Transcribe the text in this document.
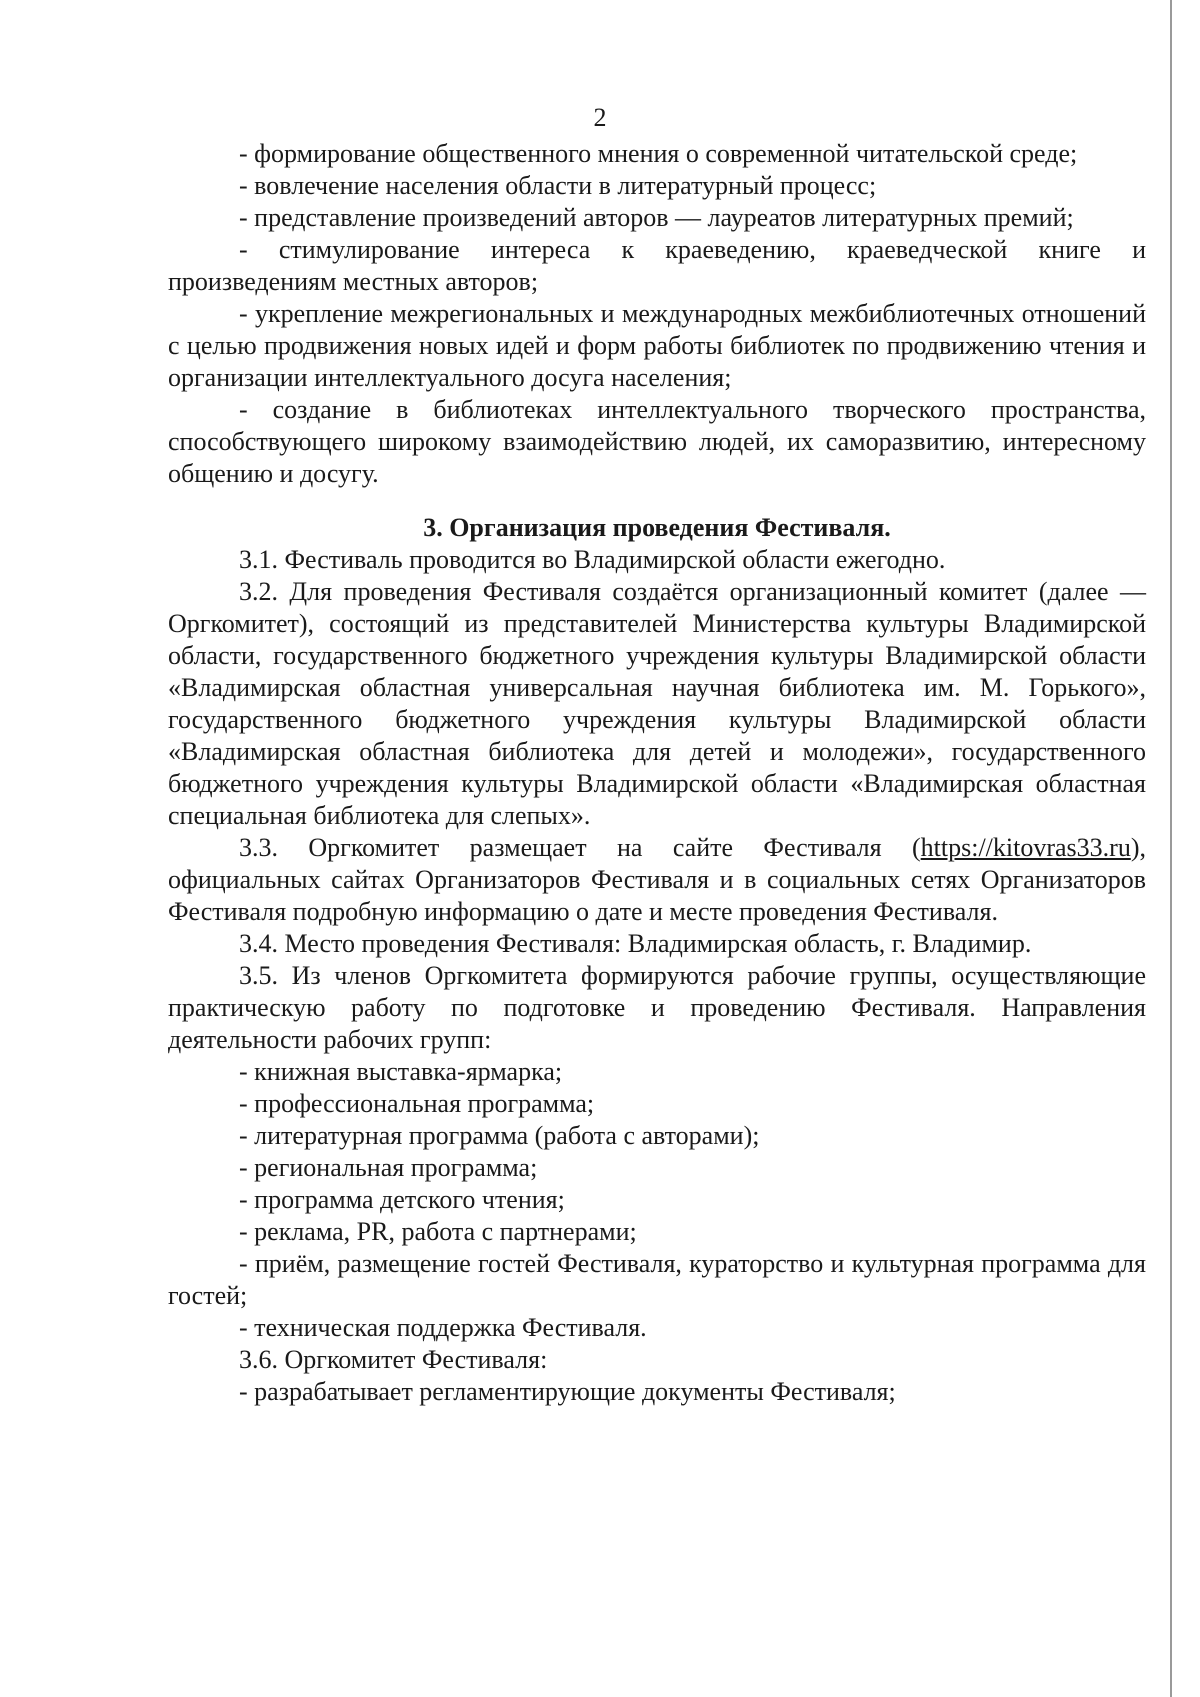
2

- формирование общественного мнения о современной читательской среде;

- вовлечение населения области в литературный процесс;

- представление произведений авторов — лауреатов литературных премий;

- стимулирование интереса к краеведению, краеведческой книге и произведениям местных авторов;

- укрепление межрегиональных и международных межбиблиотечных отношений с целью продвижения новых идей и форм работы библиотек по продвижению чтения и организации интеллектуального досуга населения;

- создание в библиотеках интеллектуального творческого пространства, способствующего широкому взаимодействию людей, их саморазвитию, интересному общению и досугу.

3. Организация проведения Фестиваля.

3.1. Фестиваль проводится во Владимирской области ежегодно.

3.2. Для проведения Фестиваля создаётся организационный комитет (далее — Оргкомитет), состоящий из представителей Министерства культуры Владимирской области, государственного бюджетного учреждения культуры Владимирской области «Владимирская областная универсальная научная библиотека им. М. Горького», государственного бюджетного учреждения культуры Владимирской области «Владимирская областная библиотека для детей и молодежи», государственного бюджетного учреждения культуры Владимирской области «Владимирская областная специальная библиотека для слепых».

3.3. Оргкомитет размещает на сайте Фестиваля (https://kitovras33.ru), официальных сайтах Организаторов Фестиваля и в социальных сетях Организаторов Фестиваля подробную информацию о дате и месте проведения Фестиваля.

3.4. Место проведения Фестиваля: Владимирская область, г. Владимир.

3.5. Из членов Оргкомитета формируются рабочие группы, осуществляющие практическую работу по подготовке и проведению Фестиваля. Направления деятельности рабочих групп:

- книжная выставка-ярмарка;

- профессиональная программа;

- литературная программа (работа с авторами);

- региональная программа;

- программа детского чтения;

- реклама, PR, работа с партнерами;

- приём, размещение гостей Фестиваля, кураторство и культурная программа для гостей;

- техническая поддержка Фестиваля.

3.6. Оргкомитет Фестиваля:

- разрабатывает регламентирующие документы Фестиваля;
